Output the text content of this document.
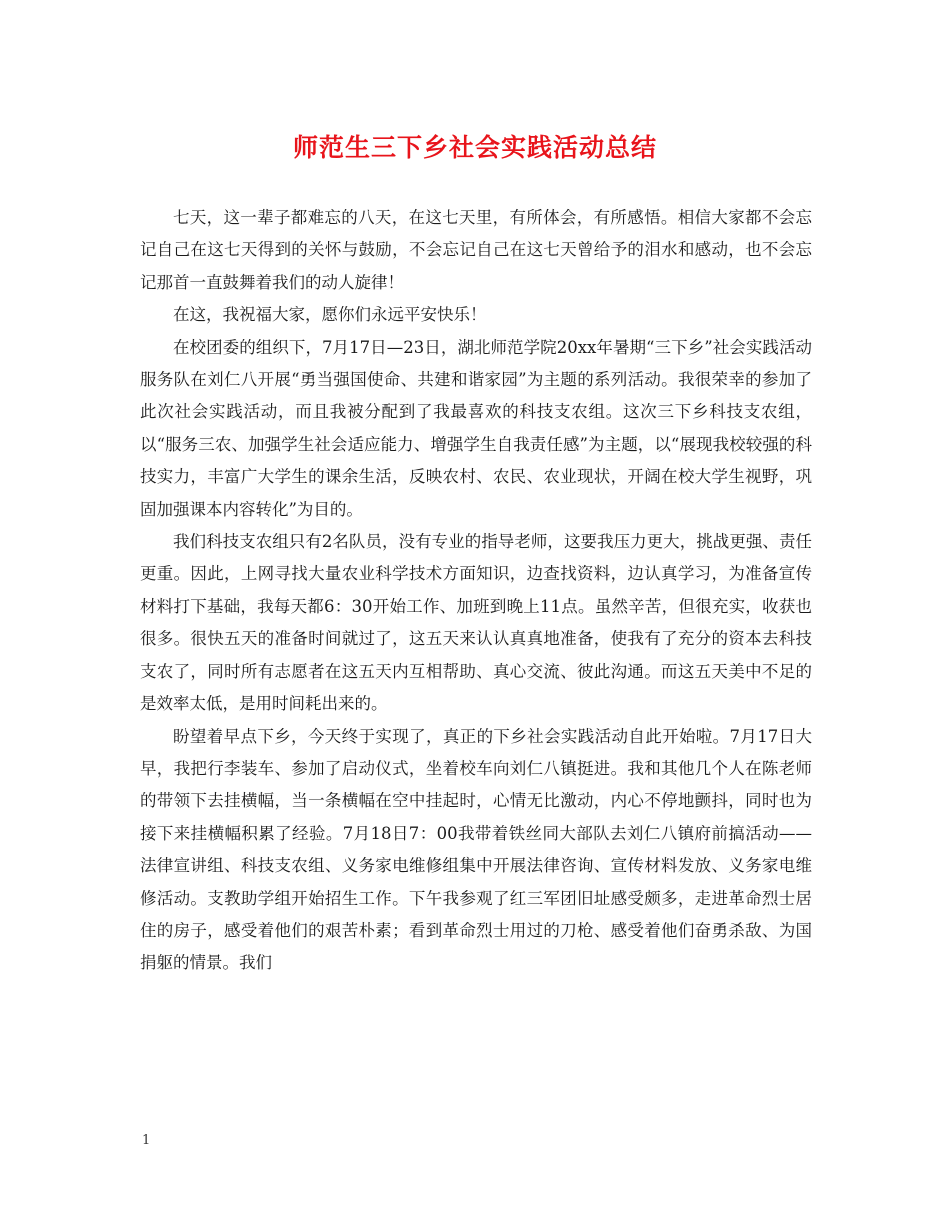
师范生三下乡社会实践活动总结

七天，这一辈子都难忘的八天，在这七天里，有所体会，有所感悟。相信大家都不会忘记自己在这七天得到的关怀与鼓励，不会忘记自己在这七天曾给予的泪水和感动，也不会忘记那首一直鼓舞着我们的动人旋律！

在这，我祝福大家，愿你们永远平安快乐！

在校团委的组织下，7月17日—23日，湖北师范学院20xx年暑期“三下乡”社会实践活动服务队在刘仁八开展“勇当强国使命、共建和谐家园”为主题的系列活动。我很荣幸的参加了此次社会实践活动，而且我被分配到了我最喜欢的科技支农组。这次三下乡科技支农组，以“服务三农、加强学生社会适应能力、增强学生自我责任感”为主题，以“展现我校较强的科技实力，丰富广大学生的课余生活，反映农村、农民、农业现状，开阔在校大学生视野，巩固加强课本内容转化”为目的。

我们科技支农组只有2名队员，没有专业的指导老师，这要我压力更大，挑战更强、责任更重。因此，上网寻找大量农业科学技术方面知识，边查找资料，边认真学习，为准备宣传材料打下基础，我每天都6：30开始工作、加班到晚上11点。虽然辛苦，但很充实，收获也很多。很快五天的准备时间就过了，这五天来认认真真地准备，使我有了充分的资本去科技支农了，同时所有志愿者在这五天内互相帮助、真心交流、彼此沟通。而这五天美中不足的是效率太低，是用时间耗出来的。

盼望着早点下乡，今天终于实现了，真正的下乡社会实践活动自此开始啦。7月17日大早，我把行李装车、参加了启动仪式，坐着校车向刘仁八镇挺进。我和其他几个人在陈老师的带领下去挂横幅，当一条横幅在空中挂起时，心情无比激动，内心不停地颤抖，同时也为接下来挂横幅积累了经验。7月18日7：00我带着铁丝同大部队去刘仁八镇府前搞活动——法律宣讲组、科技支农组、义务家电维修组集中开展法律咨询、宣传材料发放、义务家电维修活动。支教助学组开始招生工作。下午我参观了红三军团旧址感受颇多，走进革命烈士居住的房子，感受着他们的艰苦朴素；看到革命烈士用过的刀枪、感受着他们奋勇杀敌、为国捐躯的情景。我们

1
